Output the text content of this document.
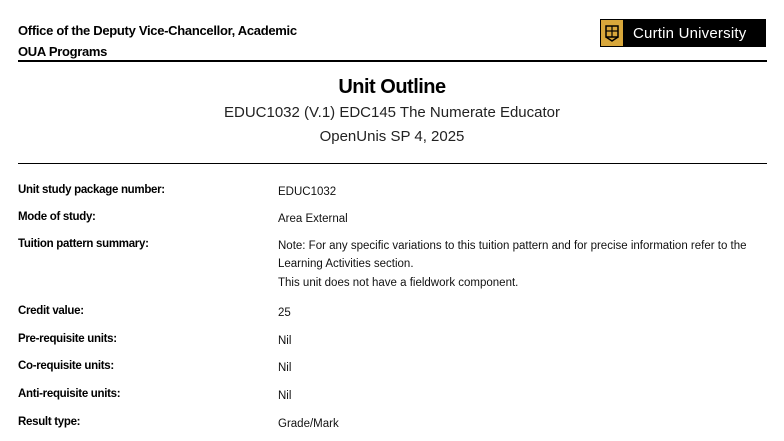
Office of the Deputy Vice-Chancellor, Academic
OUA Programs
Curtin University
Unit Outline
EDUC1032 (V.1) EDC145 The Numerate Educator
OpenUnis SP 4, 2025
Unit study package number:	EDUC1032

Mode of study:	Area External

Tuition pattern summary:	Note: For any specific variations to this tuition pattern and for precise information refer to the Learning Activities section.

This unit does not have a fieldwork component.

Credit value:	25

Pre-requisite units:	Nil

Co-requisite units:	Nil

Anti-requisite units:	Nil

Result type:	Grade/Mark
